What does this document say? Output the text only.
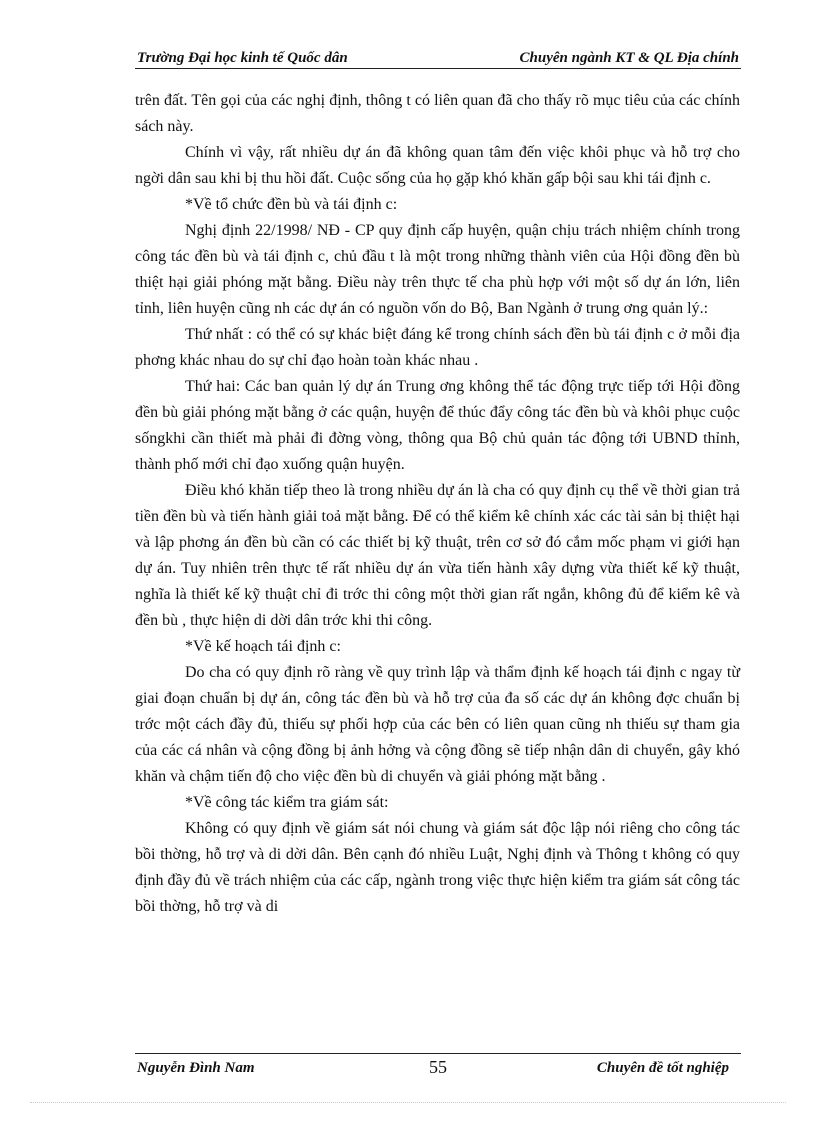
Trường Đại học kinh tế Quốc dân	Chuyên ngành KT & QL Địa chính

trên đất. Tên gọi của các nghị định, thông t có liên quan đã cho thấy rõ mục tiêu của các chính sách này.

Chính vì vậy, rất nhiều dự án đã không quan tâm đến việc khôi phục và hỗ trợ cho ngời dân sau khi bị thu hồi đất. Cuộc sống của họ gặp khó khăn gấp bội sau khi tái định c.

*Về tổ chức đền bù và tái định c:

Nghị định 22/1998/ NĐ - CP quy định cấp huyện, quận chịu trách nhiệm chính trong công tác đền bù và tái định c, chủ đầu t là một trong những thành viên của Hội đồng đền bù thiệt hại giải phóng mặt bằng. Điều này trên thực tế cha phù hợp với một số dự án lớn, liên tỉnh, liên huyện cũng nh các dự án có nguồn vốn do Bộ, Ban Ngành ở trung ơng quản lý.:

Thứ nhất : có thể có sự khác biệt đáng kể trong chính sách đền bù tái định c ở mỗi địa phơng khác nhau do sự chỉ đạo hoàn toàn khác nhau .

Thứ hai: Các ban quản lý dự án Trung ơng không thể tác động trực tiếp tới Hội đồng đền bù giải phóng mặt bằng ở các quận, huyện để thúc đẩy công tác đền bù và khôi phục cuộc sốngkhi cần thiết mà phải đi đờng vòng, thông qua Bộ chủ quản tác động tới UBND thỉnh, thành phố mới chỉ đạo xuống quận huyện.

Điều khó khăn tiếp theo là trong nhiều dự án là cha có quy định cụ thể về thời gian trả tiền đền bù và tiến hành giải toả mặt bằng. Để có thể kiểm kê chính xác các tài sản bị thiệt hại và lập phơng án đền bù cần có các thiết bị kỹ thuật, trên cơ sở đó cắm mốc phạm vi giới hạn dự án. Tuy nhiên trên thực tế rất nhiều dự án vừa tiến hành xây dựng vừa thiết kế kỹ thuật, nghĩa là thiết kế kỹ thuật chỉ đi trớc thi công một thời gian rất ngắn, không đủ để kiểm kê và đền bù , thực hiện di dời dân trớc khi thi công.

*Về kế hoạch tái định c:

Do cha có quy định rõ ràng về quy trình lập và thẩm định kế hoạch tái định c ngay từ giai đoạn chuẩn bị dự án, công tác đền bù và hỗ trợ của đa số các dự án không đợc chuẩn bị trớc một cách đầy đủ, thiếu sự phối hợp của các bên có liên quan cũng nh thiếu sự tham gia của các cá nhân và cộng đồng bị ảnh hởng và cộng đồng sẽ tiếp nhận dân di chuyển, gây khó khăn và chậm tiến độ cho việc đền bù di chuyển và giải phóng mặt bằng .

*Về công tác kiểm tra giám sát:

Không có quy định về giám sát nói chung và giám sát độc lập nói riêng cho công tác bồi thờng, hỗ trợ và di dời dân. Bên cạnh đó nhiều Luật, Nghị định và Thông t không có quy định đầy đủ về trách nhiệm của các cấp, ngành trong việc thực hiện kiểm tra giám sát công tác bồi thờng, hỗ trợ và di

Nguyễn Đình Nam	55	Chuyên đề tốt nghiệp
